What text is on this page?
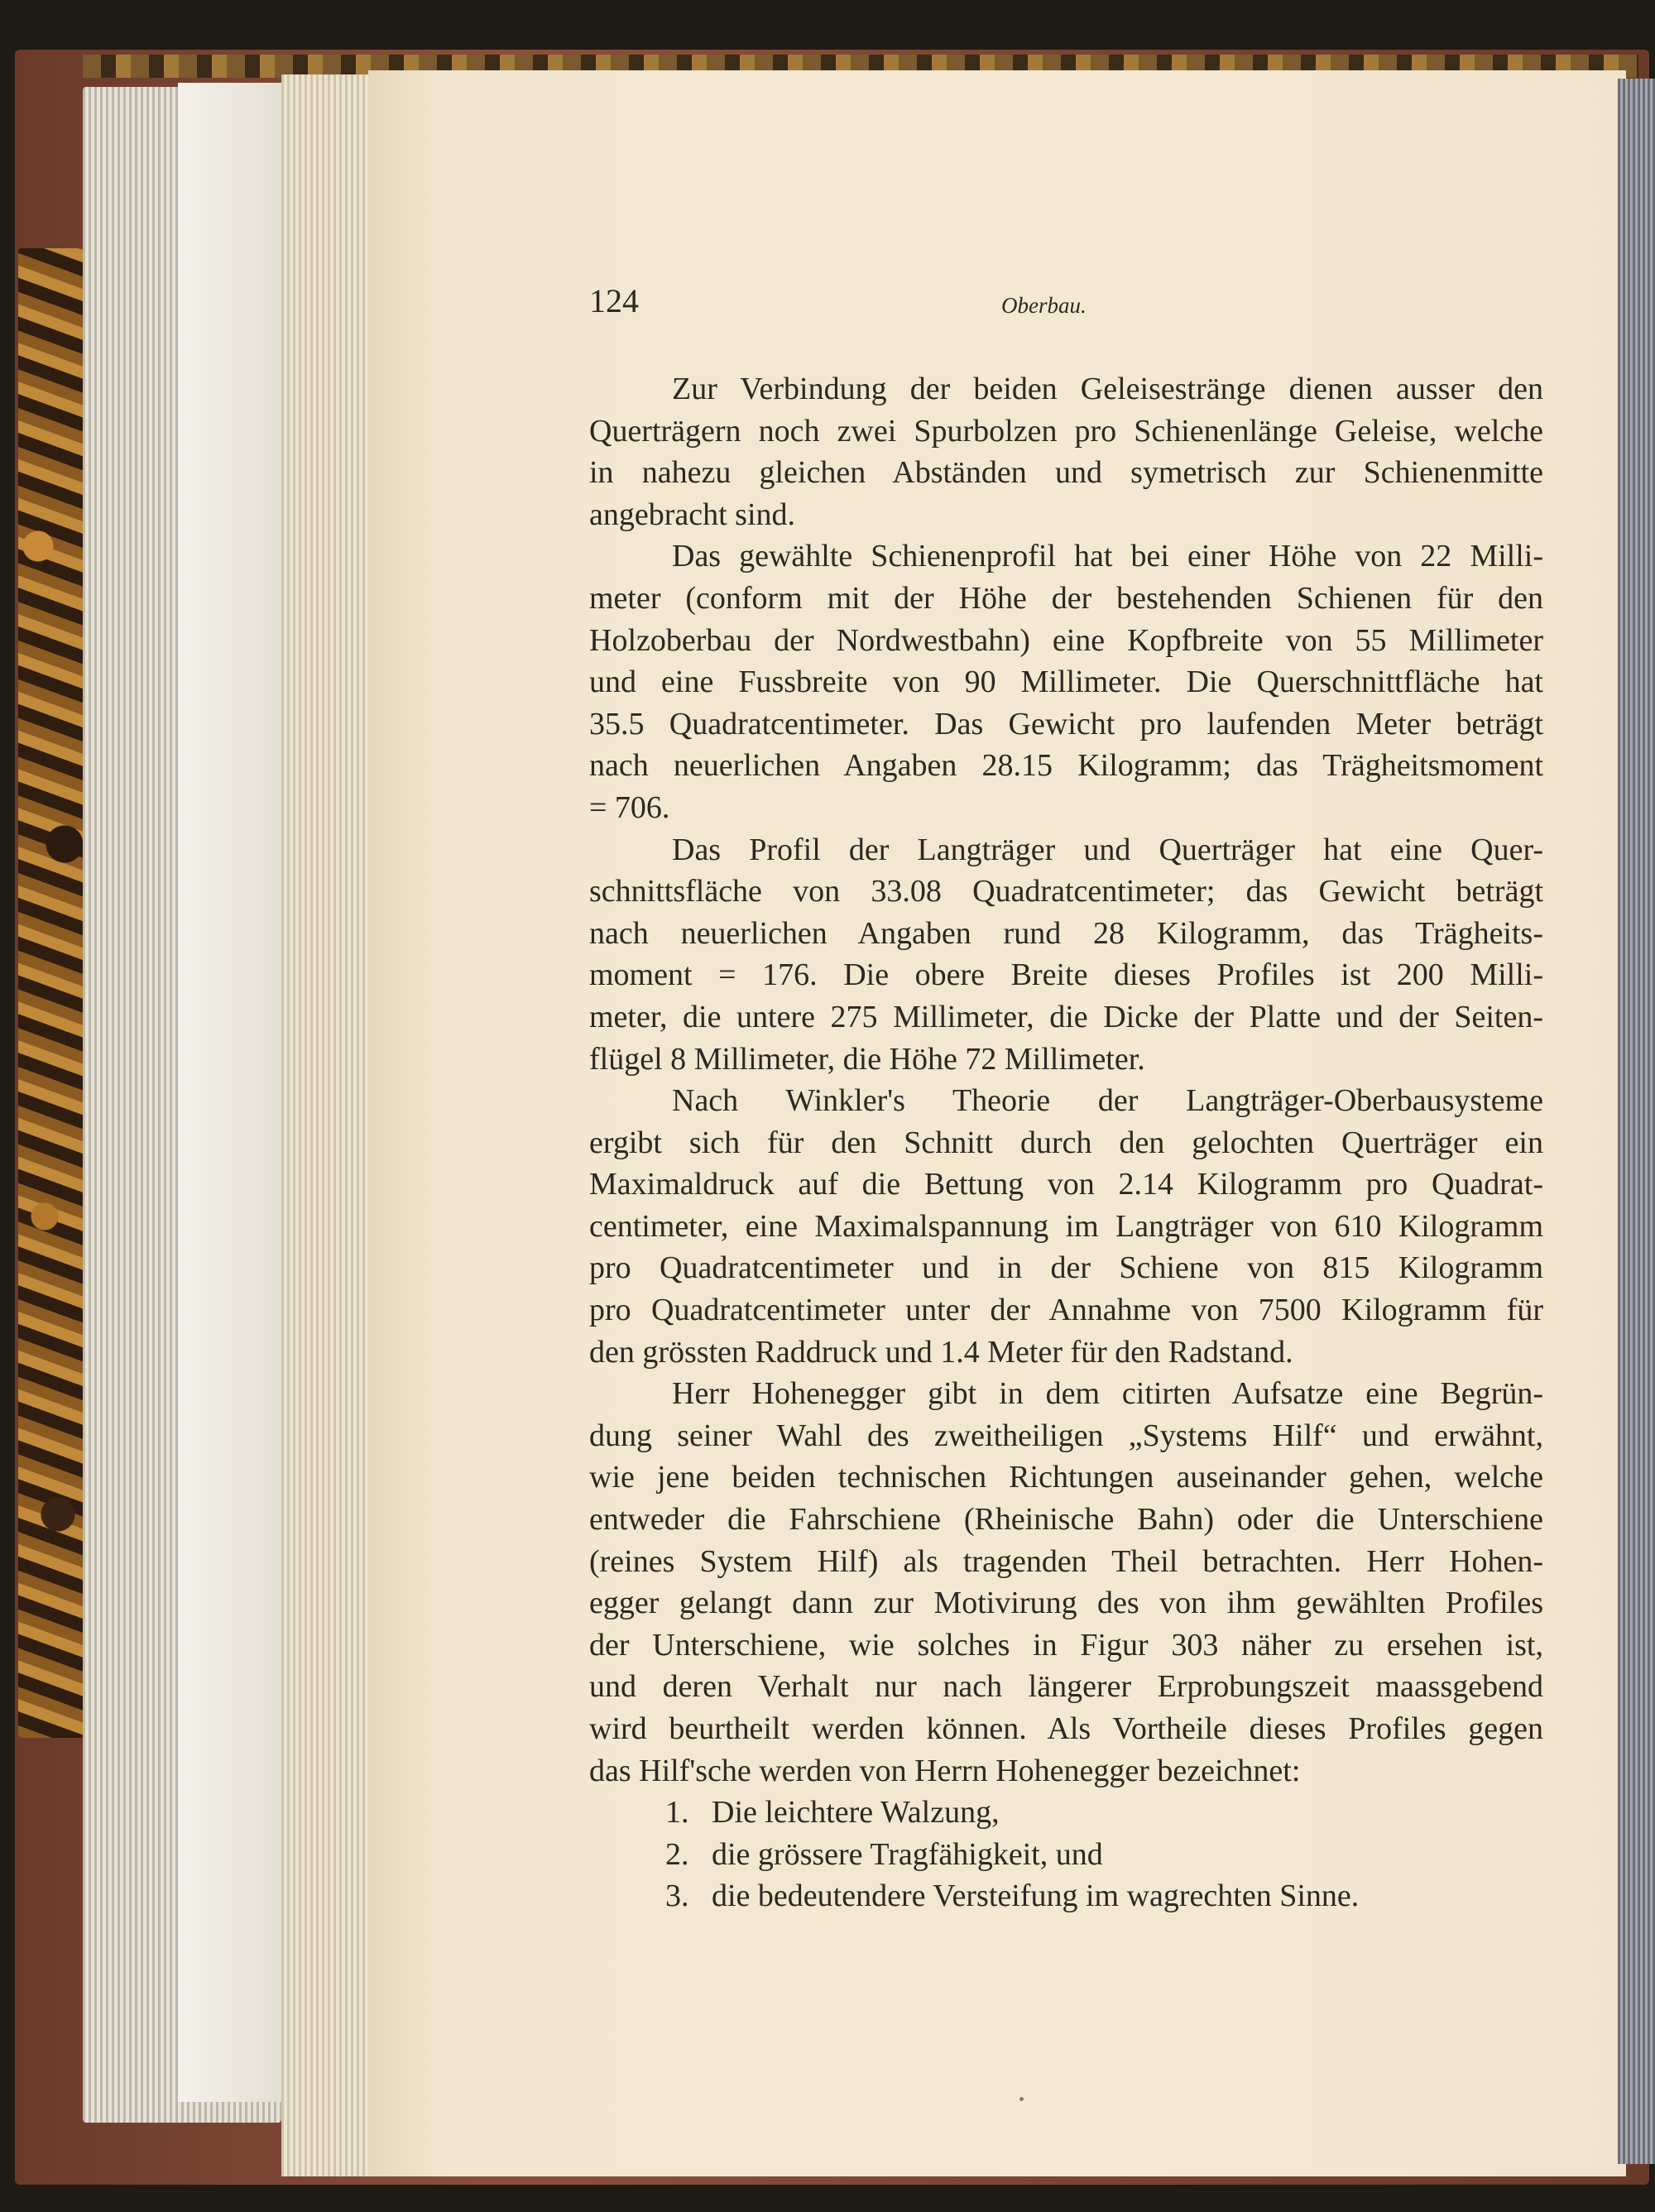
124	Oberbau.

Zur Verbindung der beiden Geleisestränge dienen ausser den
Querträgern noch zwei Spurbolzen pro Schienenlänge Geleise, welche
in nahezu gleichen Abständen und symetrisch zur Schienenmitte
angebracht sind.

Das gewählte Schienenprofil hat bei einer Höhe von 22 Milli-
meter (conform mit der Höhe der bestehenden Schienen für den
Holzoberbau der Nordwestbahn) eine Kopfbreite von 55 Millimeter
und eine Fussbreite von 90 Millimeter. Die Querschnittfläche hat
35.5 Quadratcentimeter. Das Gewicht pro laufenden Meter beträgt
nach neuerlichen Angaben 28.15 Kilogramm; das Trägheitsmoment
= 706.

Das Profil der Langträger und Querträger hat eine Quer-
schnittsfläche von 33.08 Quadratcentimeter; das Gewicht beträgt
nach neuerlichen Angaben rund 28 Kilogramm, das Trägheits-
moment = 176. Die obere Breite dieses Profiles ist 200 Milli-
meter, die untere 275 Millimeter, die Dicke der Platte und der Seiten-
flügel 8 Millimeter, die Höhe 72 Millimeter.

Nach Winkler's Theorie der Langträger-Oberbausysteme
ergibt sich für den Schnitt durch den gelochten Querträger ein
Maximaldruck auf die Bettung von 2.14 Kilogramm pro Quadrat-
centimeter, eine Maximalspannung im Langträger von 610 Kilogramm
pro Quadratcentimeter und in der Schiene von 815 Kilogramm
pro Quadratcentimeter unter der Annahme von 7500 Kilogramm für
den grössten Raddruck und 1.4 Meter für den Radstand.

Herr Hohenegger gibt in dem citirten Aufsatze eine Begrün-
dung seiner Wahl des zweitheiligen „Systems Hilf“ und erwähnt,
wie jene beiden technischen Richtungen auseinander gehen, welche
entweder die Fahrschiene (Rheinische Bahn) oder die Unterschiene
(reines System Hilf) als tragenden Theil betrachten. Herr Hohen-
egger gelangt dann zur Motivirung des von ihm gewählten Profiles
der Unterschiene, wie solches in Figur 303 näher zu ersehen ist,
und deren Verhalt nur nach längerer Erprobungszeit maassgebend
wird beurtheilt werden können. Als Vortheile dieses Profiles gegen
das Hilf'sche werden von Herrn Hohenegger bezeichnet:

1. Die leichtere Walzung,
2. die grössere Tragfähigkeit, und
3. die bedeutendere Versteifung im wagrechten Sinne.
